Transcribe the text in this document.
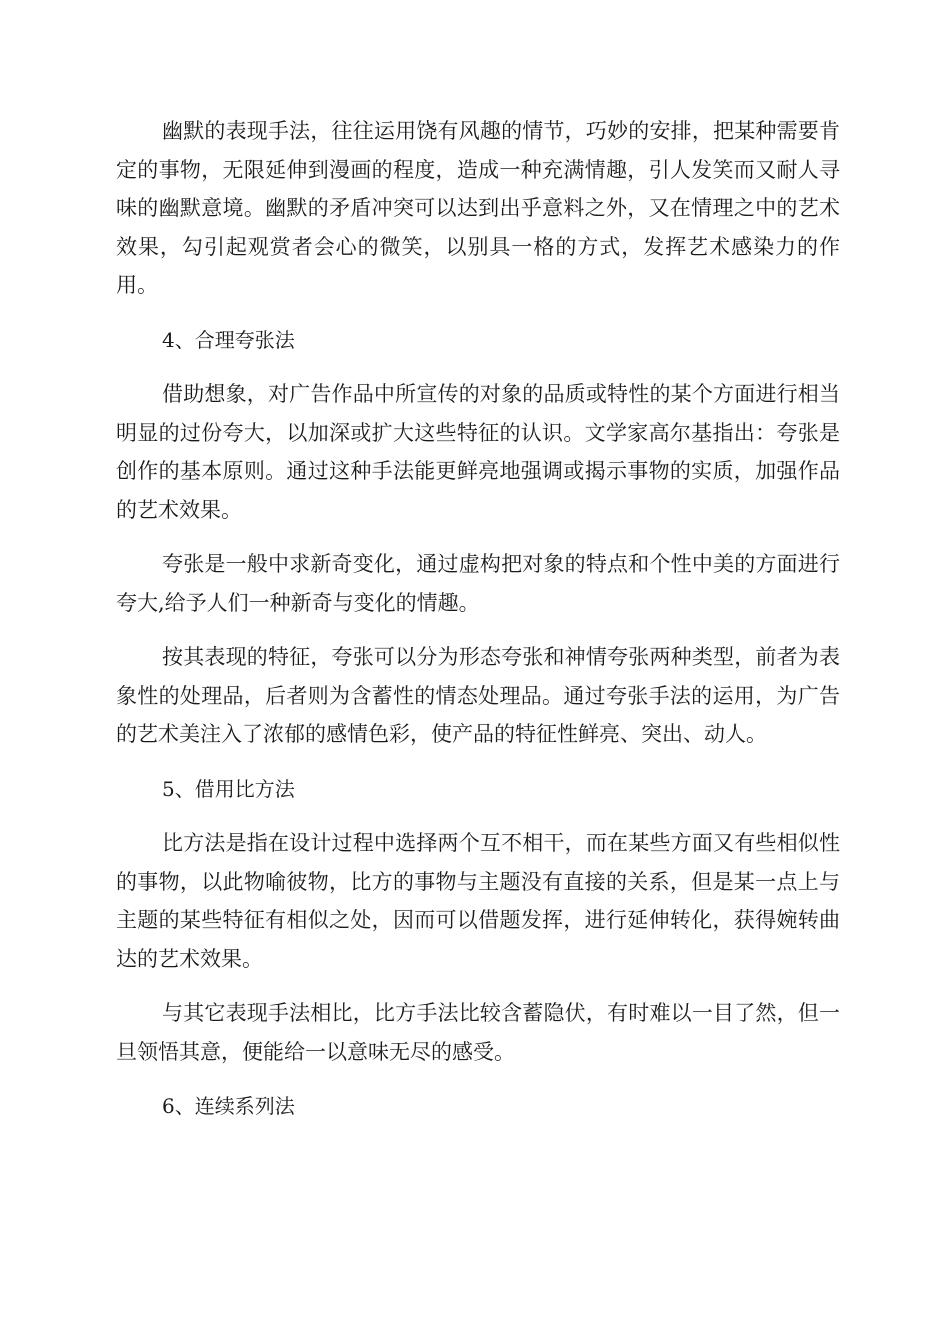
幽默的表现手法，往往运用饶有风趣的情节，巧妙的安排，把某种需要肯定的事物，无限延伸到漫画的程度，造成一种充满情趣，引人发笑而又耐人寻味的幽默意境。幽默的矛盾冲突可以达到出乎意料之外，又在情理之中的艺术效果，勾引起观赏者会心的微笑，以别具一格的方式，发挥艺术感染力的作用。

4、合理夸张法

借助想象，对广告作品中所宣传的对象的品质或特性的某个方面进行相当明显的过份夸大，以加深或扩大这些特征的认识。文学家高尔基指出：夸张是创作的基本原则。通过这种手法能更鲜亮地强调或揭示事物的实质，加强作品的艺术效果。

夸张是一般中求新奇变化，通过虚构把对象的特点和个性中美的方面进行夸大,给予人们一种新奇与变化的情趣。

按其表现的特征，夸张可以分为形态夸张和神情夸张两种类型，前者为表象性的处理品，后者则为含蓄性的情态处理品。通过夸张手法的运用，为广告的艺术美注入了浓郁的感情色彩，使产品的特征性鲜亮、突出、动人。

5、借用比方法

比方法是指在设计过程中选择两个互不相干，而在某些方面又有些相似性的事物，以此物喻彼物，比方的事物与主题没有直接的关系，但是某一点上与主题的某些特征有相似之处，因而可以借题发挥，进行延伸转化，获得婉转曲达的艺术效果。

与其它表现手法相比，比方手法比较含蓄隐伏，有时难以一目了然，但一旦领悟其意，便能给一以意味无尽的感受。

6、连续系列法
